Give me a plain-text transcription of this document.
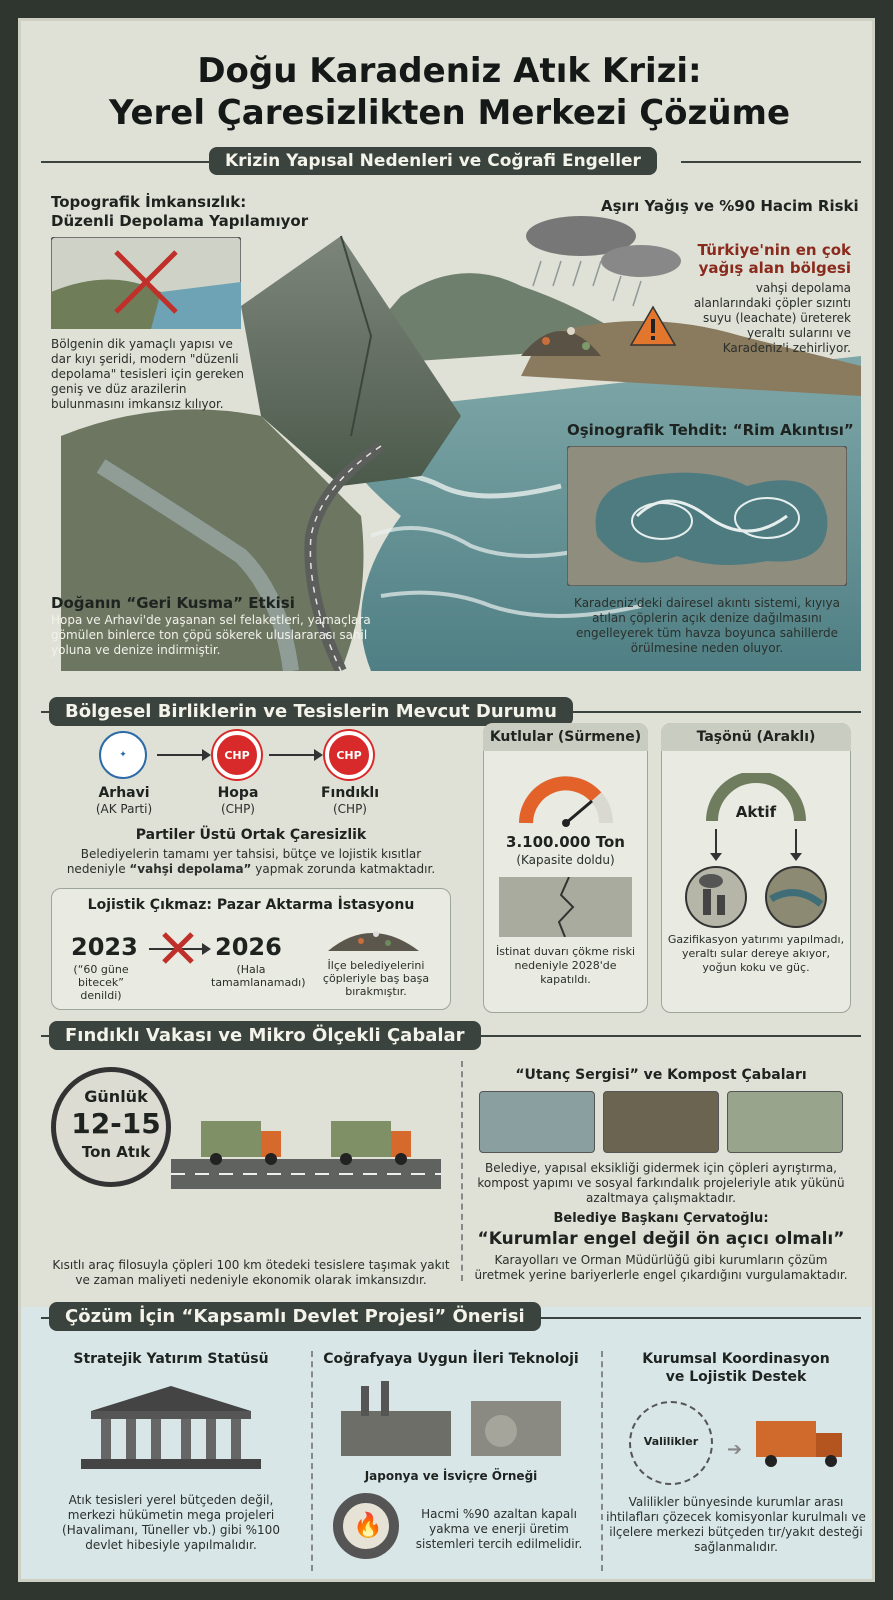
Doğu Karadeniz Atık Krizi:
Yerel Çaresizlikten Merkezi Çözüme
Krizin Yapısal Nedenleri ve Coğrafi Engeller
Topografik İmkansızlık:
Düzenli Depolama Yapılamıyor
Bölgenin dik yamaçlı yapısı ve dar kıyı şeridi, modern "düzenli depolama" tesisleri için gereken geniş ve düz arazilerin bulunmasını imkansız kılıyor.
Aşırı Yağış ve %90 Hacim Riski
Türkiye'nin en çok yağış alan bölgesi
vahşi depolama alanlarındaki çöpler sızıntı suyu (leachate) üreterek yeraltı sularını ve Karadeniz'i zehirliyor.
Oşinografik Tehdit: “Rim Akıntısı”
Karadeniz'deki dairesel akıntı sistemi, kıyıya atılan çöplerin açık denize dağılmasını engelleyerek tüm havza boyunca sahillerde örülmesine neden oluyor.
Doğanın “Geri Kusma” Etkisi
Hopa ve Arhavi'de yaşanan sel felaketleri, yamaçlara gömülen binlerce ton çöpü sökerek uluslararası sahil yoluna ve denize indirmiştir.
Bölgesel Birliklerin ve Tesislerin Mevcut Durumu
✦	CHP	CHP
Arhavi
(AK Parti)
Hopa
(CHP)
Fındıklı
(CHP)
Partiler Üstü Ortak Çaresizlik
Belediyelerin tamamı yer tahsisi, bütçe ve lojistik kısıtlar
nedeniyle “vahşi depolama” yapmak zorunda katmaktadır.
Lojistik Çıkmaz: Pazar Aktarma İstasyonu
2023
(“60 güne bitecek” denildi)
2026
(Hala tamamlanamadı)
İlçe belediyelerini çöpleriyle baş başa bırakmıştır.
Kutlular (Sürmene)
3.100.000 Ton
(Kapasite doldu)
İstinat duvarı çökme riski nedeniyle 2028'de kapatıldı.
Taşönü (Araklı)
Aktif
Gazifikasyon yatırımı yapılmadı, yeraltı sular dereye akıyor, yoğun koku ve güç.
Fındıklı Vakası ve Mikro Ölçekli Çabalar
Günlük
12-15
Ton Atık
Kısıtlı araç filosuyla çöpleri 100 km ötedeki tesislere taşımak yakıt ve zaman maliyeti nedeniyle ekonomik olarak imkansızdır.
“Utanç Sergisi” ve Kompost Çabaları
Belediye, yapısal eksikliği gidermek için çöpleri ayrıştırma, kompost yapımı ve sosyal farkındalık projeleriyle atık yükünü azaltmaya çalışmaktadır.
Belediye Başkanı Çervatoğlu:
“Kurumlar engel değil ön açıcı olmalı”
Karayolları ve Orman Müdürlüğü gibi kurumların çözüm üretmek yerine bariyerlerle engel çıkardığını vurgulamaktadır.
Çözüm İçin “Kapsamlı Devlet Projesi” Önerisi
Stratejik Yatırım Statüsü
Atık tesisleri yerel bütçeden değil, merkezi hükümetin mega projeleri (Havalimanı, Tüneller vb.) gibi %100 devlet hibesiyle yapılmalıdır.
Coğrafyaya Uygun İleri Teknoloji
Japonya ve İsviçre Örneği
🔥	Hacmi %90 azaltan kapalı yakma ve enerji üretim sistemleri tercih edilmelidir.
Kurumsal Koordinasyon
ve Lojistik Destek
Valilikler	➔
Valilikler bünyesinde kurumlar arası ihtilafları çözecek komisyonlar kurulmalı ve ilçelere merkezi bütçeden tır/yakıt desteği sağlanmalıdır.
